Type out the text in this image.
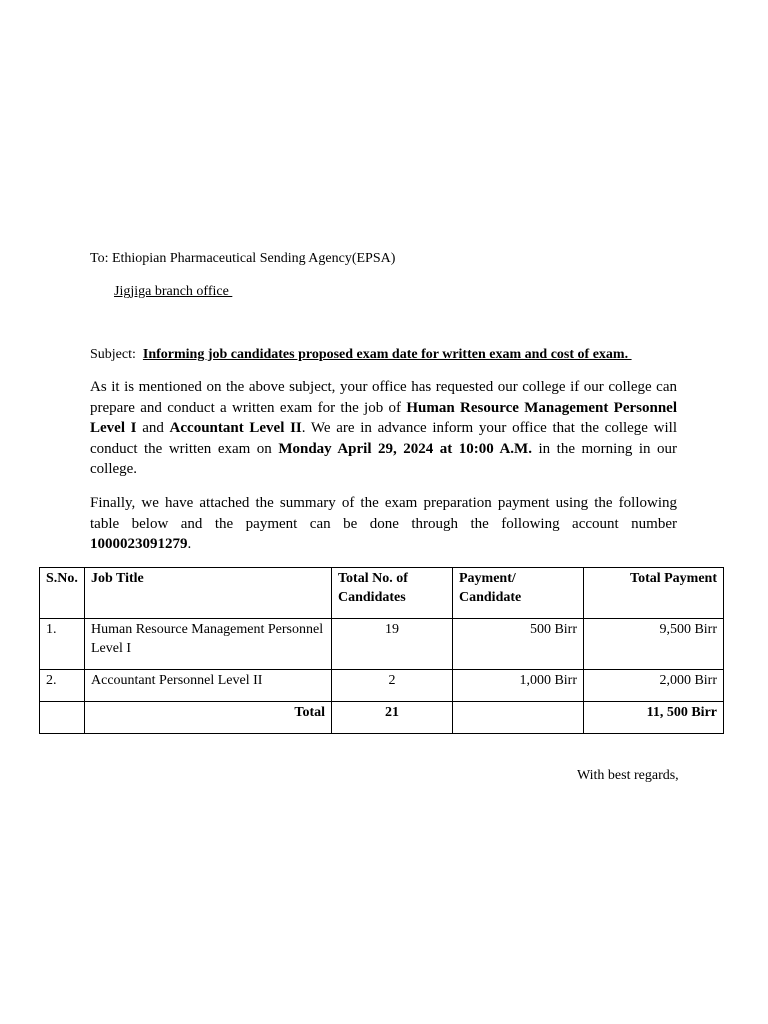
To: Ethiopian Pharmaceutical Sending Agency(EPSA)
Jigjiga branch office
Subject:  Informing job candidates proposed exam date for written exam and cost of exam.
As it is mentioned on the above subject, your office has requested our college if our college can prepare and conduct a written exam for the job of Human Resource Management Personnel Level I and Accountant Level II. We are in advance inform your office that the college will conduct the written exam on Monday April 29, 2024 at 10:00 A.M. in the morning in our college.
Finally, we have attached the summary of the exam preparation payment using the following table below and the payment can be done through the following account number 1000023091279.
S.No.	Job Title	Total No. of Candidates	Payment/ Candidate	Total Payment
1.	Human Resource Management Personnel Level I	19	500 Birr	9,500 Birr
2.	Accountant Personnel Level II	2	1,000 Birr	2,000 Birr
	Total	21		11, 500 Birr
With best regards,
